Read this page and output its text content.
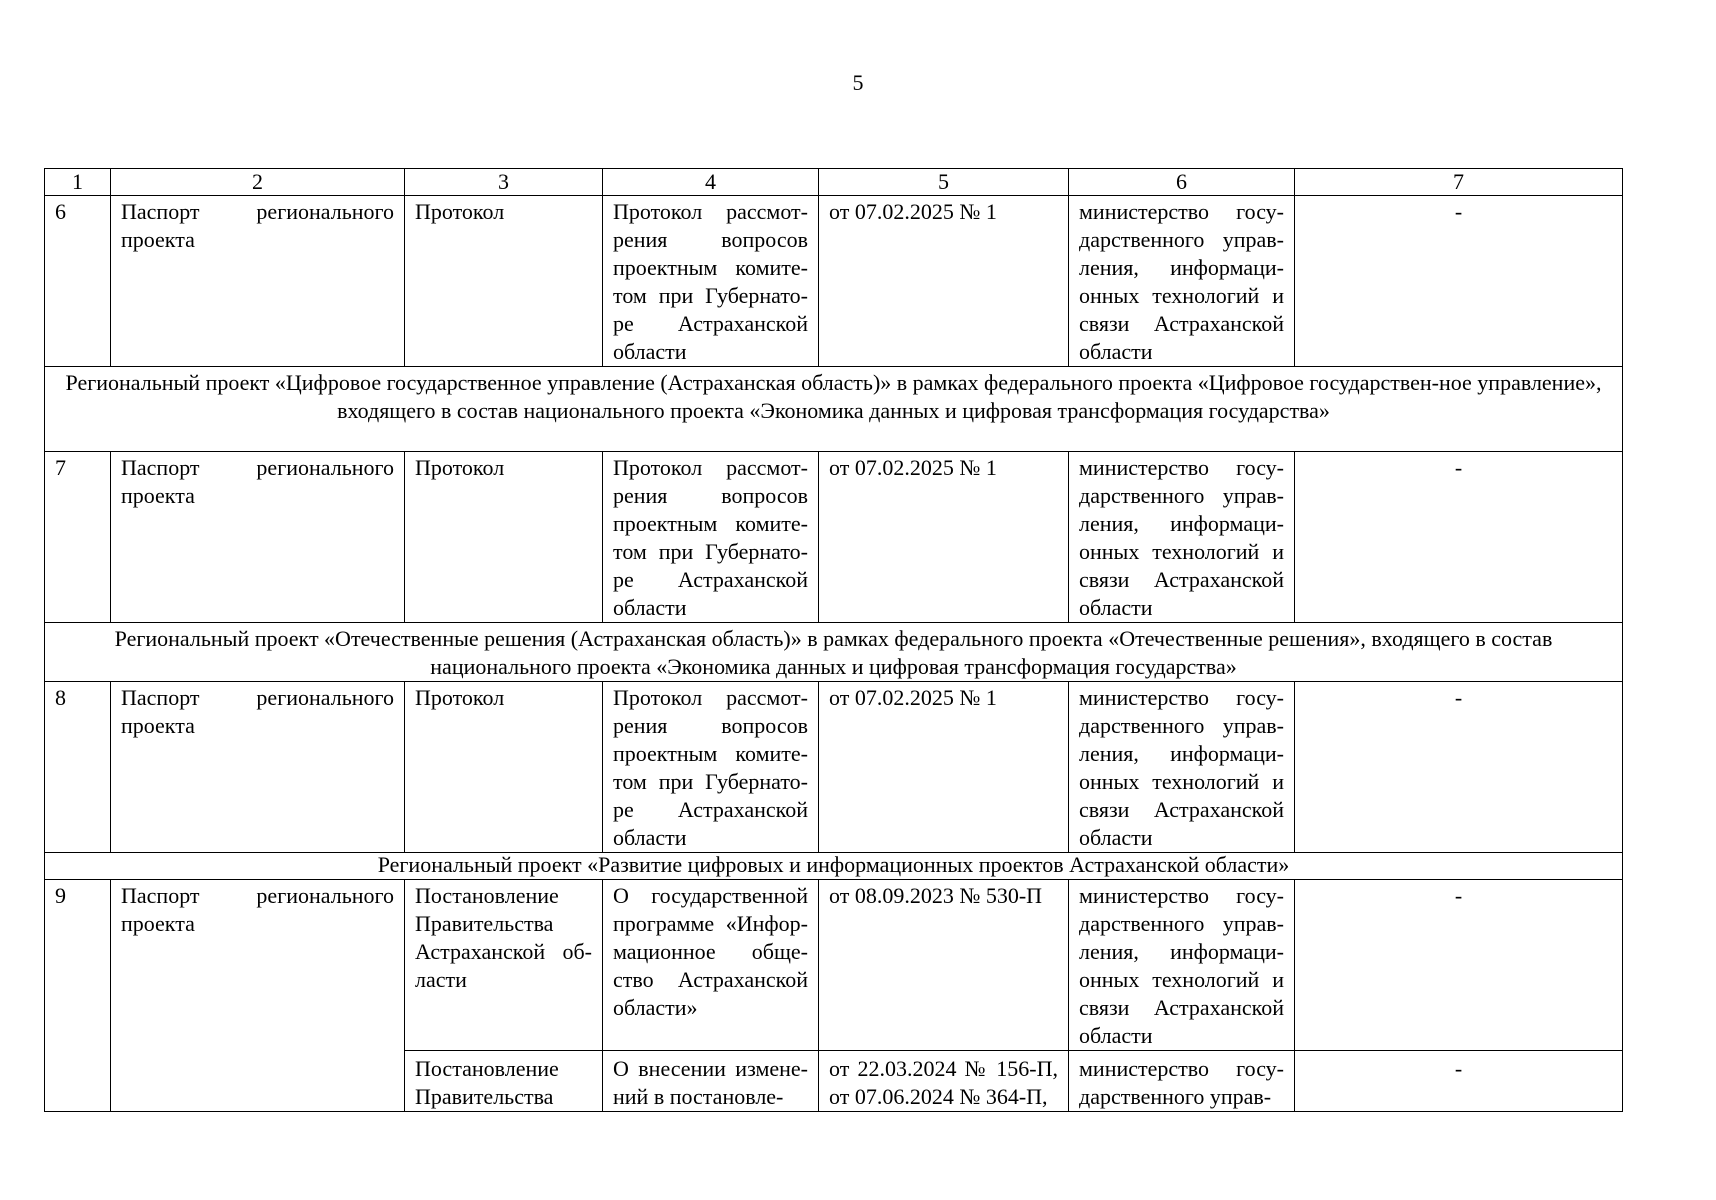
5
1	2	3	4	5	6	7
6	Паспорт регионального проекта	Протокол	Протокол рассмот-рения вопросов проектным комите-том при Губернато-ре Астраханской области	от 07.02.2025 № 1	министерство госу-дарственного управ-ления, информаци-онных технологий и связи Астраханской области	-
Региональный проект «Цифровое государственное управление (Астраханская область)» в рамках федерального проекта «Цифровое государствен-ное управление», входящего в состав национального проекта «Экономика данных и цифровая трансформация государства»						
7	Паспорт регионального проекта	Протокол	Протокол рассмот-рения вопросов проектным комите-том при Губернато-ре Астраханской области	от 07.02.2025 № 1	министерство госу-дарственного управ-ления, информаци-онных технологий и связи Астраханской области	-
Региональный проект «Отечественные решения (Астраханская область)» в рамках федерального проекта «Отечественные решения», входящего в состав национального проекта «Экономика данных и цифровая трансформация государства»						
8	Паспорт регионального проекта	Протокол	Протокол рассмот-рения вопросов проектным комите-том при Губернато-ре Астраханской области	от 07.02.2025 № 1	министерство госу-дарственного управ-ления, информаци-онных технологий и связи Астраханской области	-
Региональный проект «Развитие цифровых и информационных проектов Астраханской области»						
9	Паспорт регионального проекта	Постановление Правительства Астраханской об-ласти	О государственной программе «Инфор-мационное обще-ство Астраханской области»	от 08.09.2023 № 530-П	министерство госу-дарственного управ-ления, информаци-онных технологий и связи Астраханской области	-
		Постановление Правительства	О внесении измене-ний в постановле-	от 22.03.2024 № 156-П, от 07.06.2024 № 364-П,	министерство госу-дарственного управ-	-
